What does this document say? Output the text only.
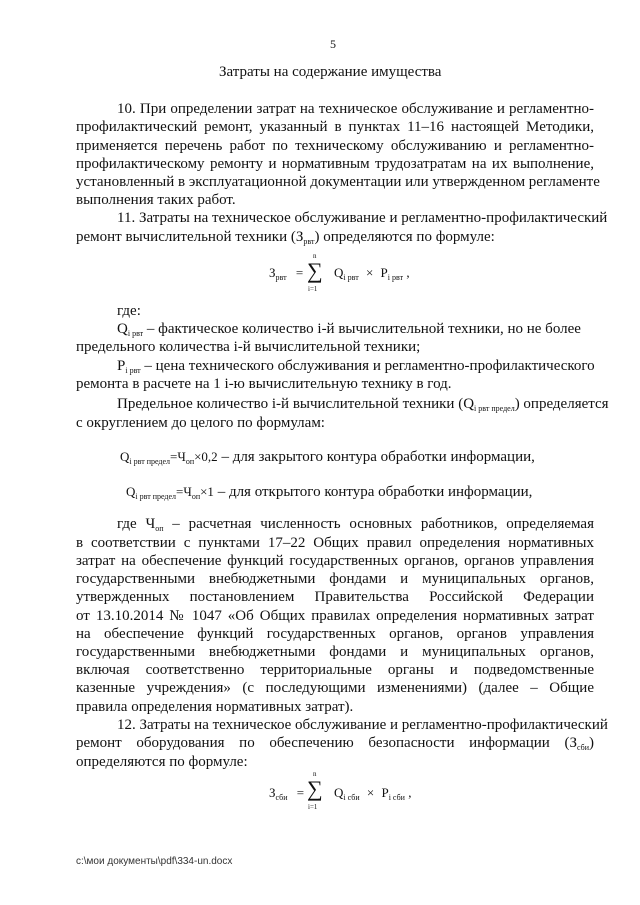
5
Затраты на содержание имущества
10. При определении затрат на техническое обслуживание и регламентно-
профилактический ремонт, указанный в пунктах 11–16 настоящей Методики,
применяется перечень работ по техническому обслуживанию и регламентно-
профилактическому ремонту и нормативным трудозатратам на их выполнение,
установленный в эксплуатационной документации или утвержденном регламенте
выполнения таких работ.
11. Затраты на техническое обслуживание и регламентно-профилактический
ремонт вычислительной техники $(З_{рвт})$ определяются по формуле:
$З_{рвт}$ =
n
∑
i=1
$Q_{i рвт} \times P_{i рвт}$ ,
где:
$Q_{i рвт}$ – фактическое количество i-й вычислительной техники, но не более
предельного количества i-й вычислительной техники;
$P_{i рвт}$ – цена технического обслуживания и регламентно-профилактического
ремонта в расчете на 1 i-ю вычислительную технику в год.
Предельное количество i-й вычислительной техники $(Q_{i рвт предел})$ определяется
с округлением до целого по формулам:
$Q_{i рвт предел}=Ч_{оп}\times 0,2$ – для закрытого контура обработки информации,
$Q_{i рвт предел}=Ч_{оп}\times 1$ – для открытого контура обработки информации,
где $Ч_{оп}$ – расчетная численность основных работников, определяемая
в соответствии с пунктами 17–22 Общих правил определения нормативных
затрат на обеспечение функций государственных органов, органов управления
государственными внебюджетными фондами и муниципальных органов,
утвержденных постановлением Правительства Российской Федерации
от 13.10.2014 № 1047 «Об Общих правилах определения нормативных затрат
на обеспечение функций государственных органов, органов управления
государственными внебюджетными фондами и муниципальных органов,
включая соответственно территориальные органы и подведомственные
казенные учреждения» (с последующими изменениями) (далее – Общие
правила определения нормативных затрат).
12. Затраты на техническое обслуживание и регламентно-профилактический
ремонт оборудования по обеспечению безопасности информации $(З_{сби})$
определяются по формуле:
$З_{сби}$ =
n
∑
i=1
$Q_{i сби} \times P_{i сби}$ ,
c:\мои документы\pdf\334-un.docx
